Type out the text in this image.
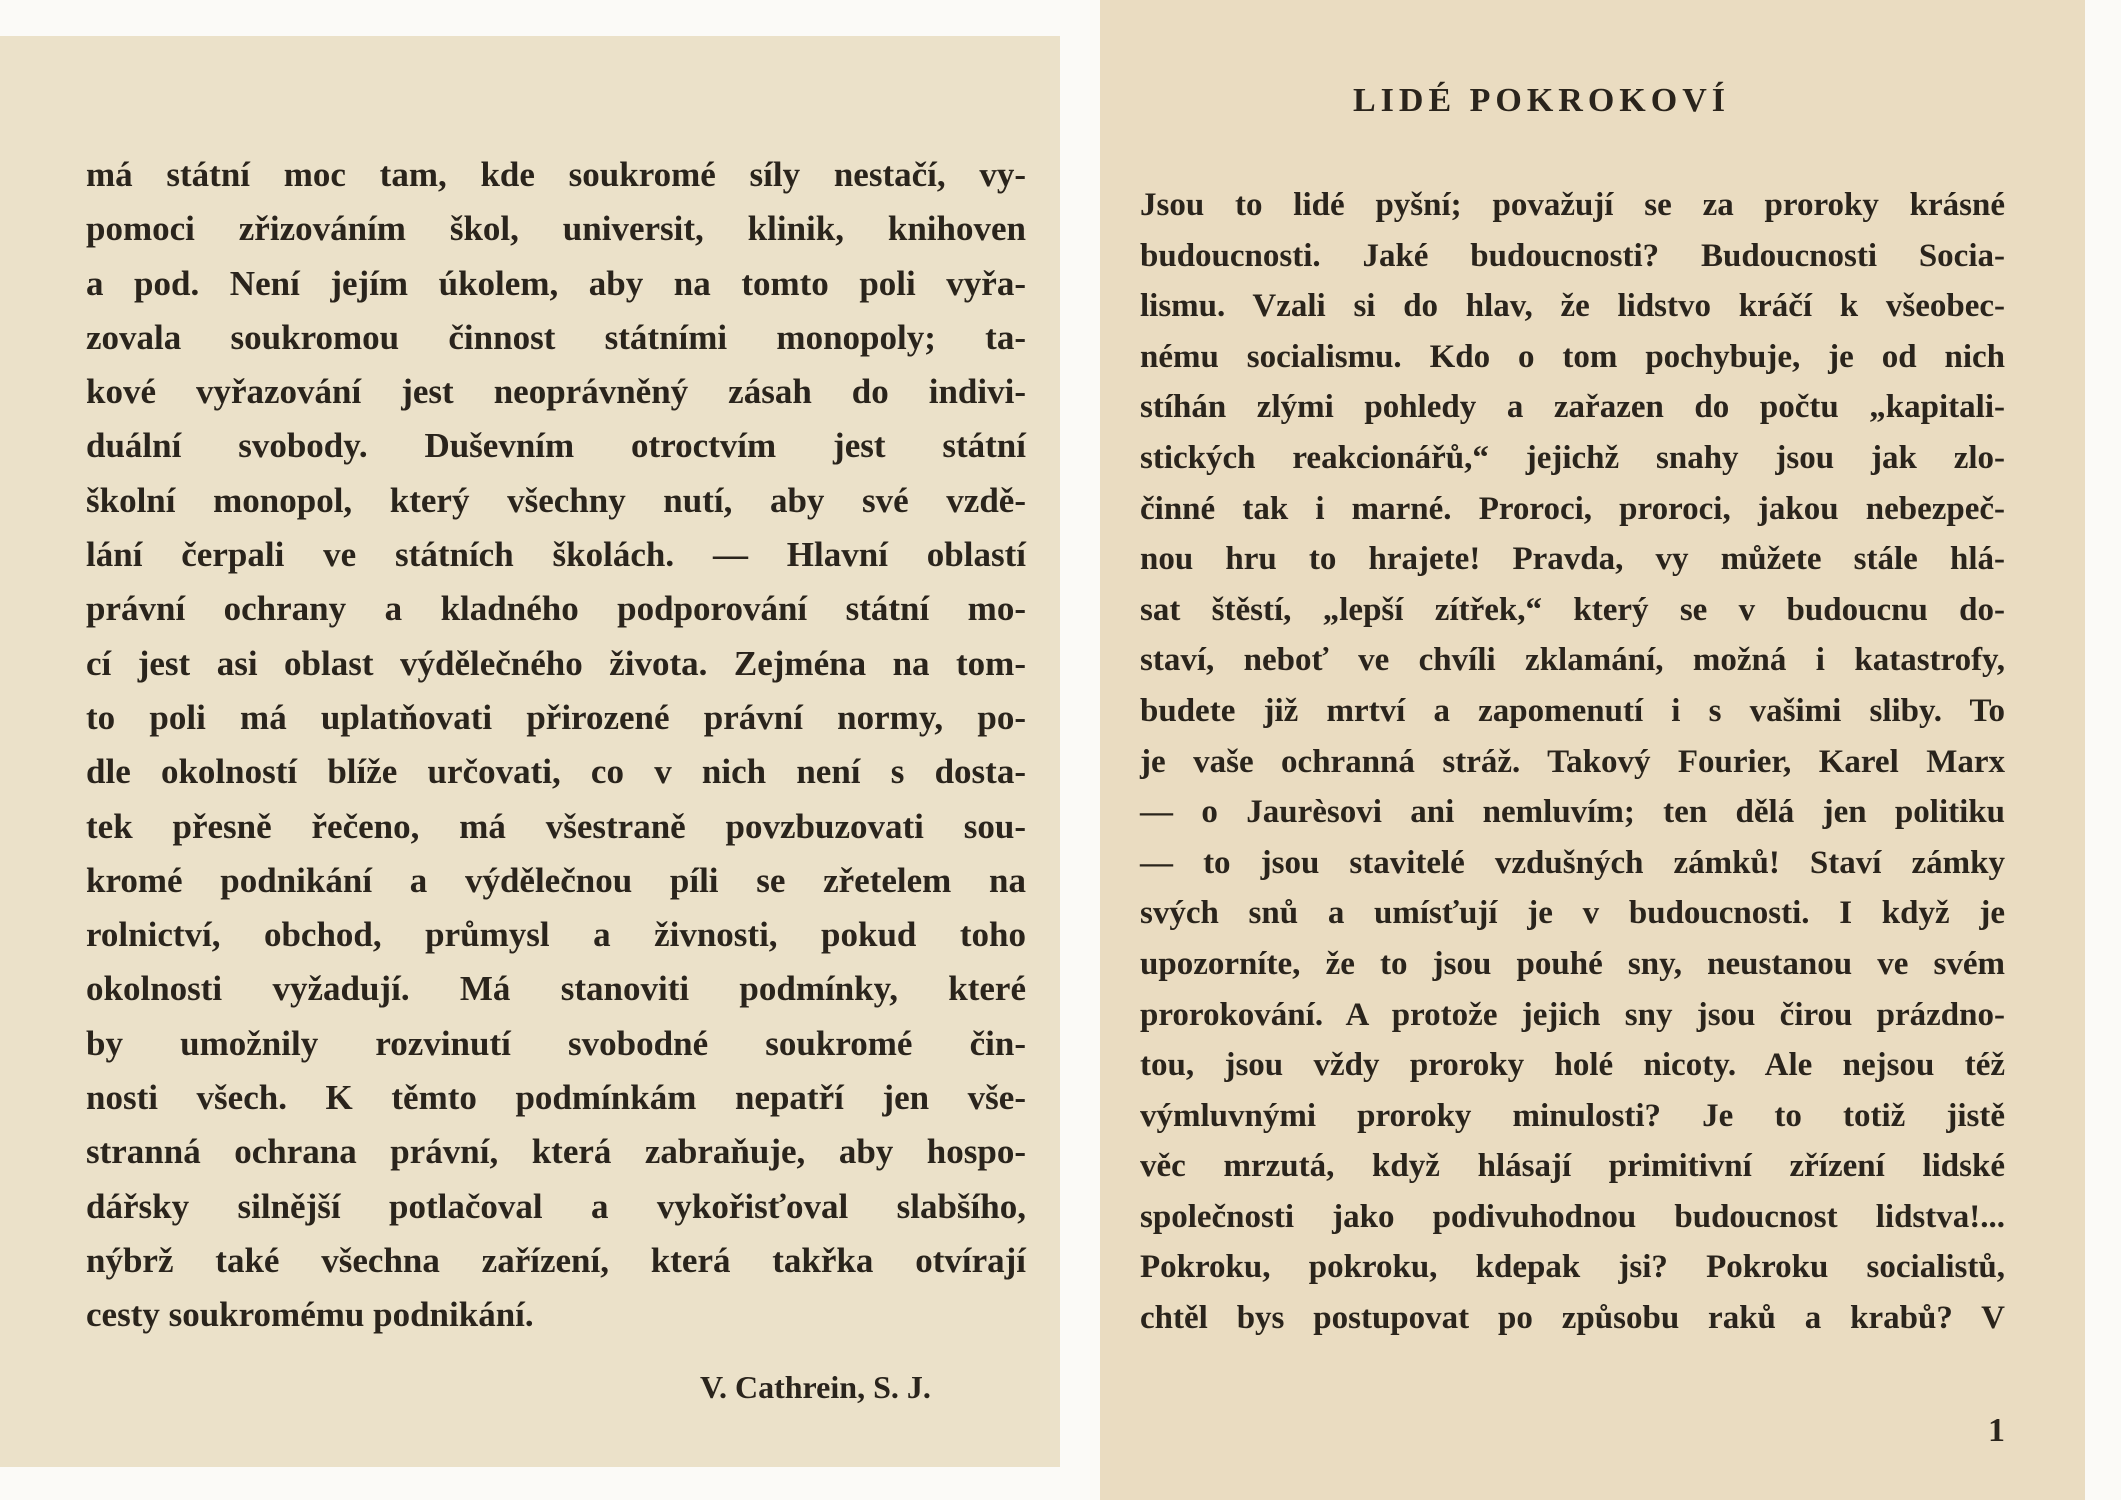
má státní moc tam, kde soukromé síly nestačí, vy-
pomoci zřizováním škol, universit, klinik, knihoven
a pod. Není jejím úkolem, aby na tomto poli vyřa-
zovala soukromou činnost státními monopoly; ta-
kové vyřazování jest neoprávněný zásah do indivi-
duální svobody. Duševním otroctvím jest státní
školní monopol, který všechny nutí, aby své vzdě-
lání čerpali ve státních školách. — Hlavní oblastí
právní ochrany a kladného podporování státní mo-
cí jest asi oblast výdělečného života. Zejména na tom-
to poli má uplatňovati přirozené právní normy, po-
dle okolností blíže určovati, co v nich není s dosta-
tek přesně řečeno, má všestraně povzbuzovati sou-
kromé podnikání a výdělečnou píli se zřetelem na
rolnictví, obchod, průmysl a živnosti, pokud toho
okolnosti vyžadují. Má stanoviti podmínky, které
by umožnily rozvinutí svobodné soukromé čin-
nosti všech. K těmto podmínkám nepatří jen vše-
stranná ochrana právní, která zabraňuje, aby hospo-
dářsky silnější potlačoval a vykořisťoval slabšího,
nýbrž také všechna zařízení, která takřka otvírají
cesty soukromému podnikání.
V. Cathrein, S. J.
LIDÉ POKROKOVÍ
Jsou to lidé pyšní; považují se za proroky krásné
budoucnosti. Jaké budoucnosti? Budoucnosti Socia-
lismu. Vzali si do hlav, že lidstvo kráčí k všeobec-
nému socialismu. Kdo o tom pochybuje, je od nich
stíhán zlými pohledy a zařazen do počtu „kapitali-
stických reakcionářů,“ jejichž snahy jsou jak zlo-
činné tak i marné. Proroci, proroci, jakou nebezpeč-
nou hru to hrajete! Pravda, vy můžete stále hlá-
sat štěstí, „lepší zítřek,“ který se v budoucnu do-
staví, neboť ve chvíli zklamání, možná i katastrofy,
budete již mrtví a zapomenutí i s vašimi sliby. To
je vaše ochranná stráž. Takový Fourier, Karel Marx
— o Jaurèsovi ani nemluvím; ten dělá jen politiku
— to jsou stavitelé vzdušných zámků! Staví zámky
svých snů a umísťují je v budoucnosti. I když je
upozorníte, že to jsou pouhé sny, neustanou ve svém
prorokování. A protože jejich sny jsou čirou prázdno-
tou, jsou vždy proroky holé nicoty. Ale nejsou též
výmluvnými proroky minulosti? Je to totiž jistě
věc mrzutá, když hlásají primitivní zřízení lidské
společnosti jako podivuhodnou budoucnost lidstva!...
Pokroku, pokroku, kdepak jsi? Pokroku socialistů,
chtěl bys postupovat po způsobu raků a krabů? V
1
